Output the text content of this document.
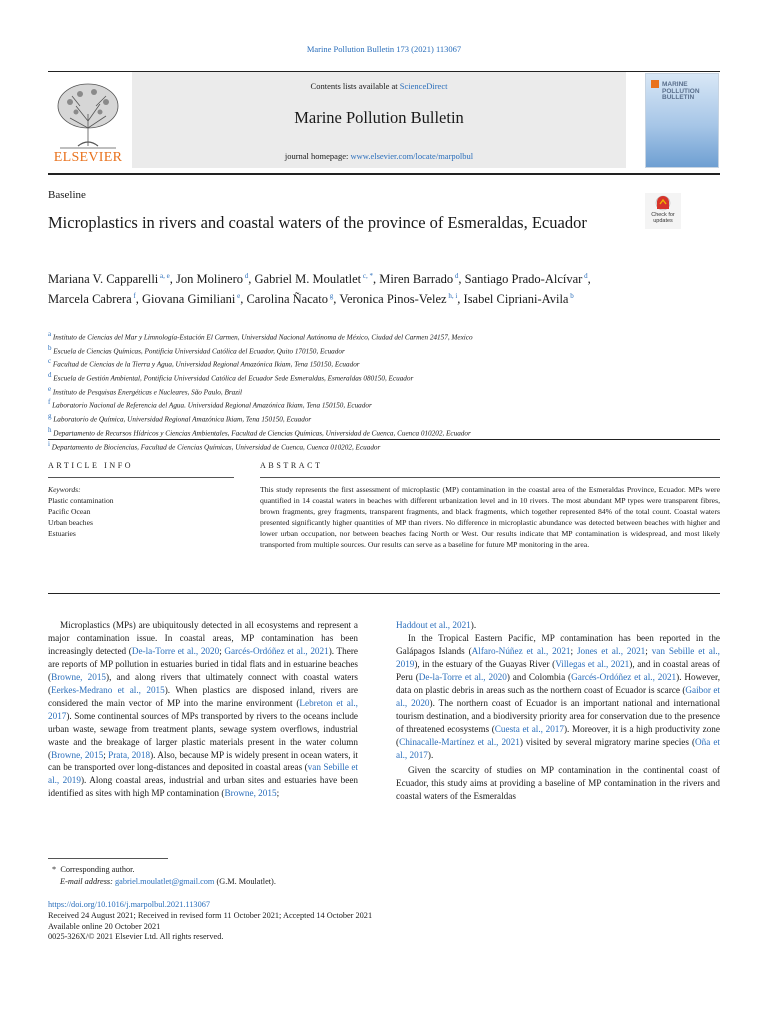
Marine Pollution Bulletin 173 (2021) 113067
ELSEVIER
Contents lists available at ScienceDirect
Marine Pollution Bulletin
journal homepage: www.elsevier.com/locate/marpolbul
MARINE POLLUTION BULLETIN
Baseline
Microplastics in rivers and coastal waters of the province of Esmeraldas, Ecuador	Check for updates
Mariana V. Capparelli $^{a, e}$, Jon Molinero $^d$, Gabriel M. Moulatlet $^{c, *}$, Miren Barrado $^d$, Santiago Prado-Alcívar $^d$, Marcela Cabrera $^f$, Giovana Gimiliani $^e$, Carolina Ñacato $^g$, Veronica Pinos-Velez $^{h, i}$, Isabel Cipriani-Avila $^b$
$^a$ Instituto de Ciencias del Mar y Limnología-Estación El Carmen, Universidad Nacional Autónoma de México, Ciudad del Carmen 24157, Mexico
$^b$ Escuela de Ciencias Químicas, Pontificia Universidad Católica del Ecuador, Quito 170150, Ecuador
$^c$ Facultad de Ciencias de la Tierra y Agua, Universidad Regional Amazónica Ikiam, Tena 150150, Ecuador
$^d$ Escuela de Gestión Ambiental, Pontificia Universidad Católica del Ecuador Sede Esmeraldas, Esmeraldas 080150, Ecuador
$^e$ Instituto de Pesquisas Energéticas e Nucleares, São Paulo, Brazil
$^f$ Laboratorio Nacional de Referencia del Agua. Universidad Regional Amazónica Ikiam, Tena 150150, Ecuador
$^g$ Laboratorio de Química, Universidad Regional Amazónica Ikiam, Tena 150150, Ecuador
$^h$ Departamento de Recursos Hídricos y Ciencias Ambientales, Facultad de Ciencias Químicas, Universidad de Cuenca, Cuenca 010202, Ecuador
$^i$ Departamento de Biociencias, Facultad de Ciencias Químicas, Universidad de Cuenca, Cuenca 010202, Ecuador
ARTICLE INFO
Keywords:
Plastic contamination
Pacific Ocean
Urban beaches
Estuaries
ABSTRACT
This study represents the first assessment of microplastic (MP) contamination in the coastal area of the Esmeraldas Province, Ecuador. MPs were quantified in 14 coastal waters in beaches with different urbanization level and in 10 rivers. The most abundant MP types were transparent fibres, brown fragments, grey fragments, transparent fragments, and black fragments, which together represented 84% of the total count. Coastal waters presented significantly higher quantities of MP than rivers. No difference in microplastic abundance was detected between beaches with higher and lower urban occupation, nor between beaches facing North or West. Our results indicate that MP contamination is widespread, and most likely transported from multiple sources. Our results can serve as a baseline for future MP monitoring in the area.

Microplastics (MPs) are ubiquitously detected in all ecosystems and represent a major contamination issue. In coastal areas, MP contamination has been increasingly detected (De-la-Torre et al., 2020; Garcés-Ordóñez et al., 2021). There are reports of MP pollution in estuaries buried in tidal flats and in estuarine beaches (Browne, 2015), and along rivers that ultimately connect with coastal waters (Eerkes-Medrano et al., 2015). When plastics are disposed inland, rivers are considered the main vector of MP into the marine environment (Lebreton et al., 2017). Some continental sources of MPs transported by rivers to the oceans include urban waste, sewage from treatment plants, sewage system overflows, industrial waste and the breakage of larger plastic materials present in the water column (Browne, 2015; Prata, 2018). Also, because MP is widely present in ocean waters, it can be transported over long-distances and deposited in coastal areas (van Sebille et al., 2019). Along coastal areas, industrial and urban sites and estuaries have been identified as sites with high MP contamination (Browne, 2015;

Haddout et al., 2021).

In the Tropical Eastern Pacific, MP contamination has been reported in the Galápagos Islands (Alfaro-Núñez et al., 2021; Jones et al., 2021; van Sebille et al., 2019), in the estuary of the Guayas River (Villegas et al., 2021), and in coastal areas of Peru (De-la-Torre et al., 2020) and Colombia (Garcés-Ordóñez et al., 2021). However, data on plastic debris in areas such as the northern coast of Ecuador is scarce (Gaibor et al., 2020). The northern coast of Ecuador is an important national and international tourism destination, and a biodiversity priority area for conservation due to the presence of threatened ecosystems (Cuesta et al., 2017). Moreover, it is a high productivity zone (Chinacalle-Martínez et al., 2021) visited by several migratory marine species (Oña et al., 2017).

Given the scarcity of studies on MP contamination in the continental coast of Ecuador, this study aims at providing a baseline of MP contamination in the rivers and coastal waters of the Esmeraldas

* Corresponding author.
E-mail address: gabriel.moulatlet@gmail.com (G.M. Moulatlet).
https://doi.org/10.1016/j.marpolbul.2021.113067
Received 24 August 2021; Received in revised form 11 October 2021; Accepted 14 October 2021
Available online 20 October 2021
0025-326X/© 2021 Elsevier Ltd. All rights reserved.
